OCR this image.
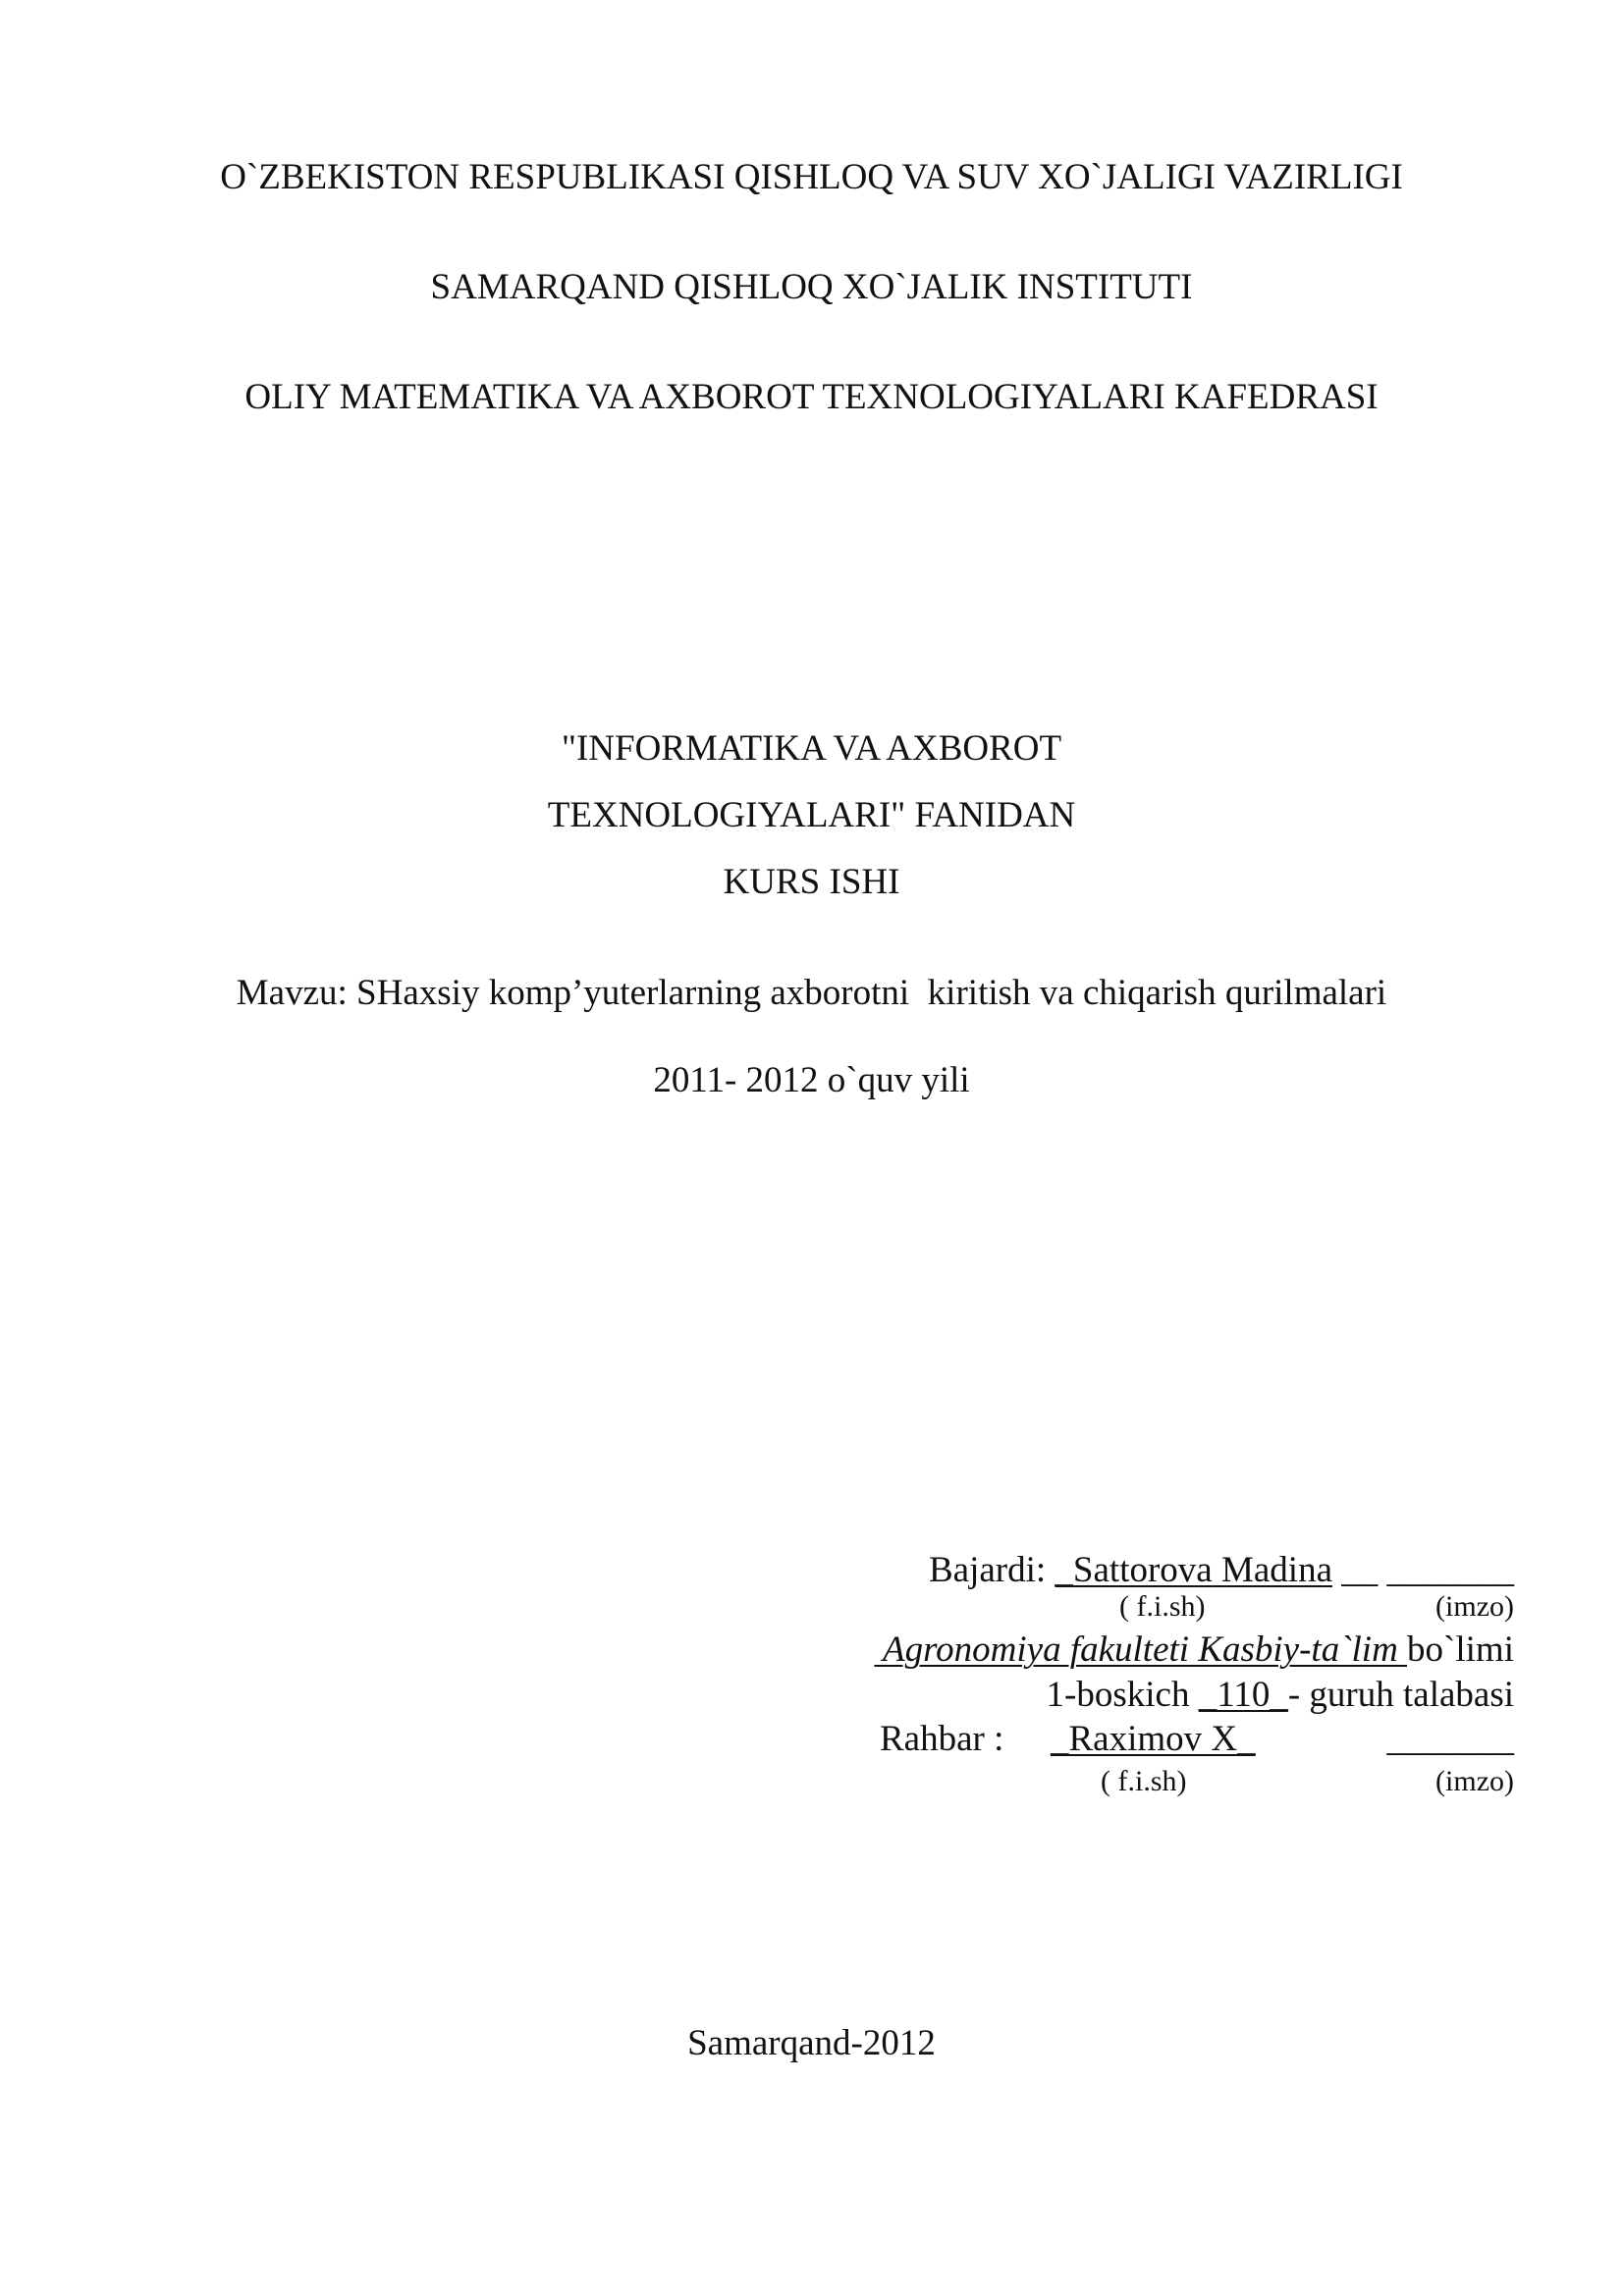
O`ZBEKISTON RESPUBLIKASI QISHLOQ VA SUV XO`JALIGI VAZIRLIGI
SAMARQAND QISHLOQ XO`JALIK INSTITUTI
OLIY MATEMATIKA VA AXBOROT TEXNOLOGIYALARI KAFEDRASI
"INFORMATIKA VA AXBOROT
TEXNOLOGIYALARI" FANIDAN
KURS ISHI
Mavzu: SHaxsiy komp’yuterlarning axborotni  kiritish va chiqarish qurilmalari
2011- 2012 o`quv yili
Bajardi: _Sattorova Madina __ _______
( f.i.sh)	(imzo)
Agronomiya fakulteti Kasbiy-ta`lim bo`limi
1-boskich _110_- guruh talabasi
Rahbar : _Raximov X_	_______
( f.i.sh)	(imzo)
Samarqand-2012
